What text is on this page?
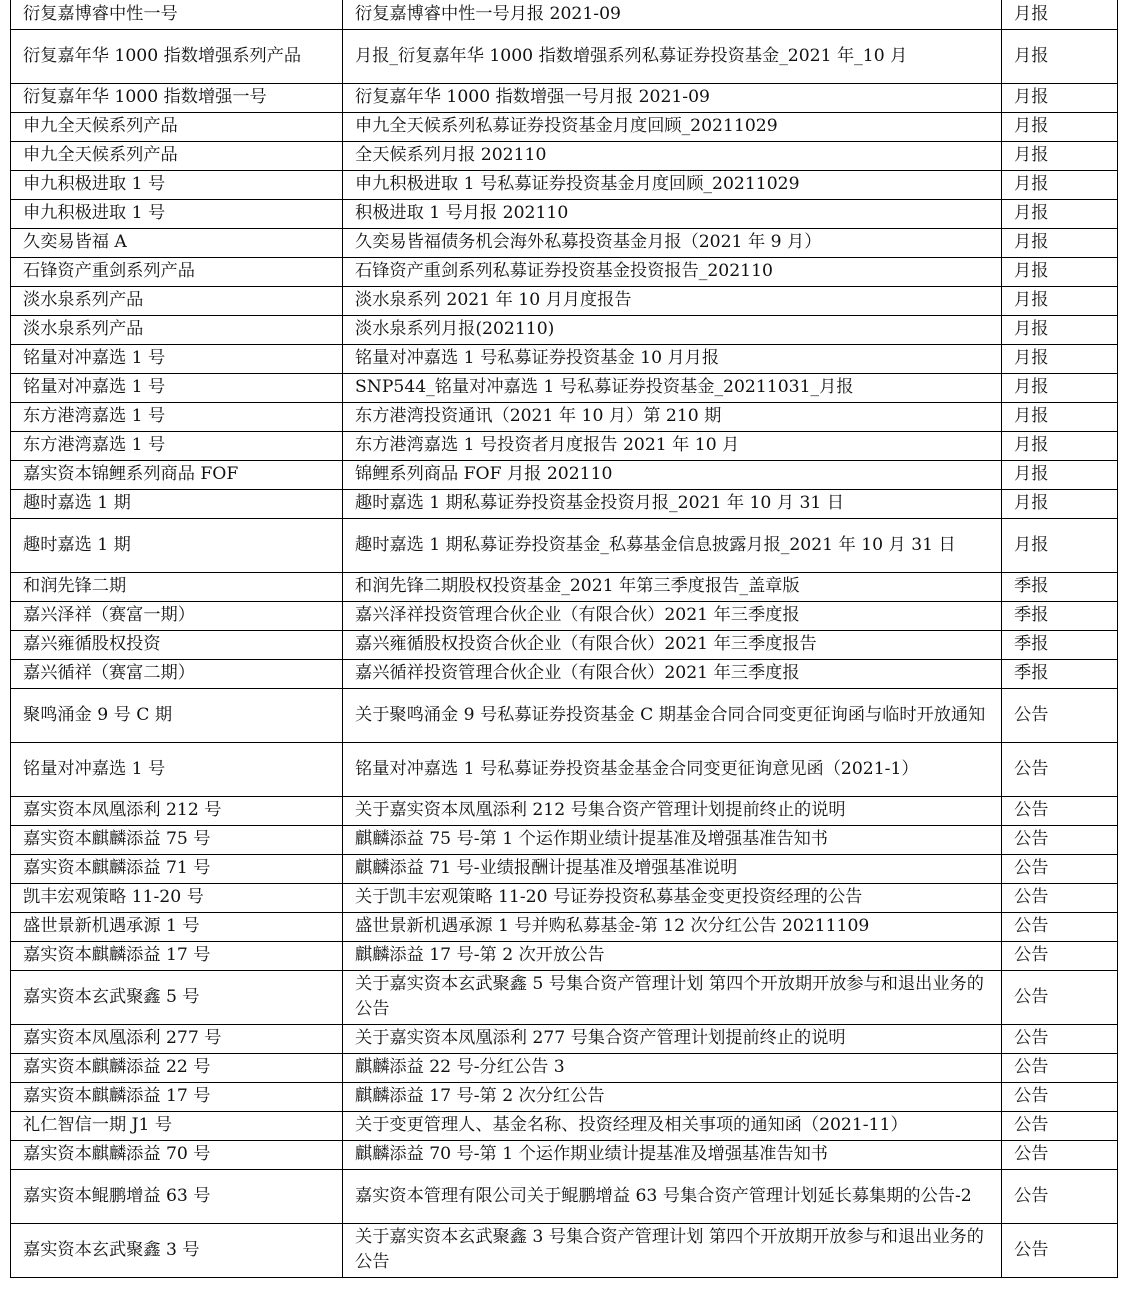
衍复嘉博睿中性一号	衍复嘉博睿中性一号月报 2021-09	月报
衍复嘉年华 1000 指数增强系列产品	月报_衍复嘉年华 1000 指数增强系列私募证券投资基金_2021 年_10 月	月报
衍复嘉年华 1000 指数增强一号	衍复嘉年华 1000 指数增强一号月报 2021-09	月报
申九全天候系列产品	申九全天候系列私募证券投资基金月度回顾_20211029	月报
申九全天候系列产品	全天候系列月报 202110	月报
申九积极进取 1 号	申九积极进取 1 号私募证券投资基金月度回顾_20211029	月报
申九积极进取 1 号	积极进取 1 号月报 202110	月报
久奕易皆福 A	久奕易皆福债务机会海外私募投资基金月报（2021 年 9 月）	月报
石锋资产重剑系列产品	石锋资产重剑系列私募证券投资基金投资报告_202110	月报
淡水泉系列产品	淡水泉系列 2021 年 10 月月度报告	月报
淡水泉系列产品	淡水泉系列月报(202110)	月报
铭量对冲嘉选 1 号	铭量对冲嘉选 1 号私募证券投资基金 10 月月报	月报
铭量对冲嘉选 1 号	SNP544_铭量对冲嘉选 1 号私募证券投资基金_20211031_月报	月报
东方港湾嘉选 1 号	东方港湾投资通讯（2021 年 10 月）第 210 期	月报
东方港湾嘉选 1 号	东方港湾嘉选 1 号投资者月度报告 2021 年 10 月	月报
嘉实资本锦鲤系列商品 FOF	锦鲤系列商品 FOF 月报 202110	月报
趣时嘉选 1 期	趣时嘉选 1 期私募证券投资基金投资月报_2021 年 10 月 31 日	月报
趣时嘉选 1 期	趣时嘉选 1 期私募证券投资基金_私募基金信息披露月报_2021 年 10 月 31 日	月报
和润先锋二期	和润先锋二期股权投资基金_2021 年第三季度报告_盖章版	季报
嘉兴泽祥（赛富一期）	嘉兴泽祥投资管理合伙企业（有限合伙）2021 年三季度报	季报
嘉兴雍循股权投资	嘉兴雍循股权投资合伙企业（有限合伙）2021 年三季度报告	季报
嘉兴循祥（赛富二期）	嘉兴循祥投资管理合伙企业（有限合伙）2021 年三季度报	季报
聚鸣涌金 9 号 C 期	关于聚鸣涌金 9 号私募证券投资基金 C 期基金合同合同变更征询函与临时开放通知	公告
铭量对冲嘉选 1 号	铭量对冲嘉选 1 号私募证券投资基金基金合同变更征询意见函（2021-1）	公告
嘉实资本凤凰添利 212 号	关于嘉实资本凤凰添利 212 号集合资产管理计划提前终止的说明	公告
嘉实资本麒麟添益 75 号	麒麟添益 75 号-第 1 个运作期业绩计提基准及增强基准告知书	公告
嘉实资本麒麟添益 71 号	麒麟添益 71 号-业绩报酬计提基准及增强基准说明	公告
凯丰宏观策略 11-20 号	关于凯丰宏观策略 11-20 号证券投资私募基金变更投资经理的公告	公告
盛世景新机遇承源 1 号	盛世景新机遇承源 1 号并购私募基金-第 12 次分红公告 20211109	公告
嘉实资本麒麟添益 17 号	麒麟添益 17 号-第 2 次开放公告	公告
嘉实资本玄武聚鑫 5 号	关于嘉实资本玄武聚鑫 5 号集合资产管理计划 第四个开放期开放参与和退出业务的公告	公告
嘉实资本凤凰添利 277 号	关于嘉实资本凤凰添利 277 号集合资产管理计划提前终止的说明	公告
嘉实资本麒麟添益 22 号	麒麟添益 22 号-分红公告 3	公告
嘉实资本麒麟添益 17 号	麒麟添益 17 号-第 2 次分红公告	公告
礼仁智信一期 J1 号	关于变更管理人、基金名称、投资经理及相关事项的通知函（2021-11）	公告
嘉实资本麒麟添益 70 号	麒麟添益 70 号-第 1 个运作期业绩计提基准及增强基准告知书	公告
嘉实资本鲲鹏增益 63 号	嘉实资本管理有限公司关于鲲鹏增益 63 号集合资产管理计划延长募集期的公告-2	公告
嘉实资本玄武聚鑫 3 号	关于嘉实资本玄武聚鑫 3 号集合资产管理计划 第四个开放期开放参与和退出业务的公告	公告
